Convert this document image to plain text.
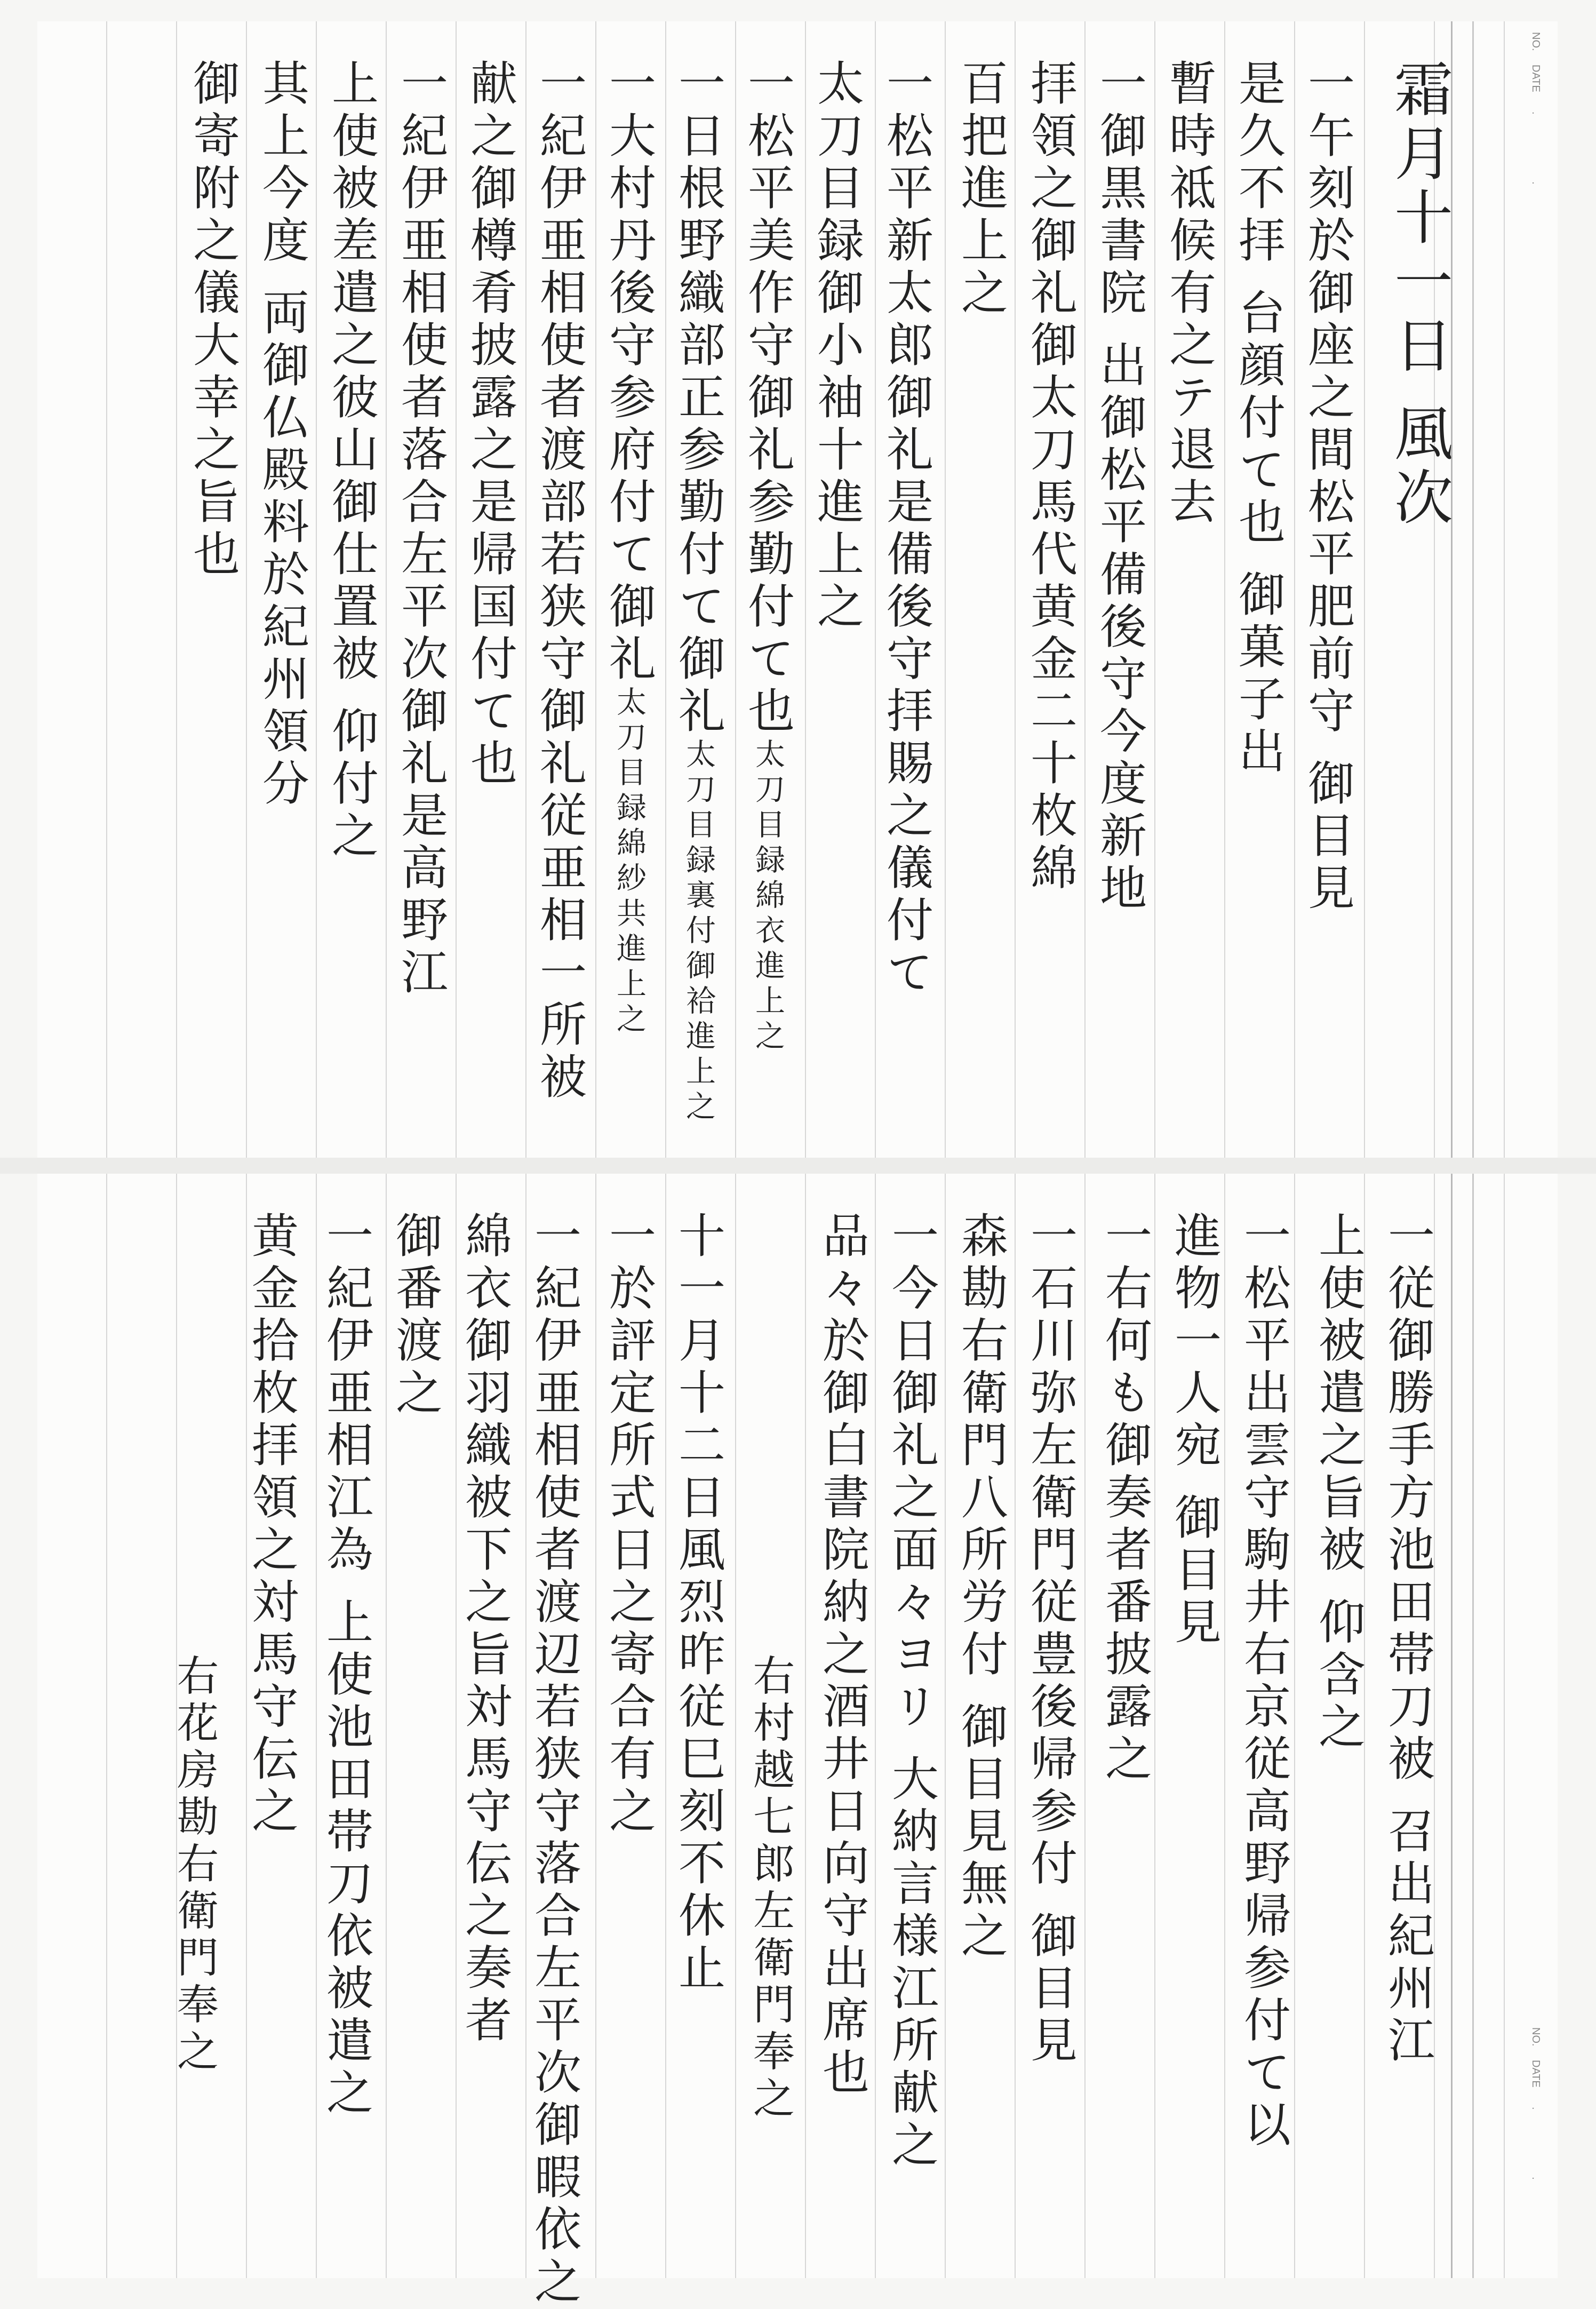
NO. DATE . .
霜月十一日 風次
一午刻於御座之間松平肥前守 御目見
是久不拝 台顔付て也 御菓子出
暫時祗候有之テ退去
一御黒書院 出御松平備後守今度新地
拝領之御礼御太刀馬代黄金二十枚綿
百把進上之
一松平新太郎御礼是備後守拝賜之儀付て
太刀目録御小袖十進上之
一松平美作守御礼参勤付て也太刀目録綿衣進上之
一日根野織部正参勤付て御礼太刀目録裏付御袷進上之
一大村丹後守参府付て御礼太刀目録綿紗共進上之
一紀伊亜相使者渡部若狭守御礼従亜相一所被
献之御樽肴披露之是帰国付て也
一紀伊亜相使者落合左平次御礼是高野江
上使被差遣之彼山御仕置被 仰付之
其上今度 両御仏殿料於紀州領分
御寄附之儀大幸之旨也
NO. DATE . .
一従御勝手方池田帯刀被 召出紀州江
上使被遣之旨被 仰含之
一松平出雲守駒井右京従高野帰参付て以
進物一人宛 御目見
一右何も御奏者番披露之
一石川弥左衛門従豊後帰参付 御目見
森勘右衛門八所労付 御目見無之
一今日御礼之面々ヨリ 大納言様江所献之
品々於御白書院納之酒井日向守出席也
右村越七郎左衛門奉之
十一月十二日風烈昨従巳刻不休止
一於評定所式日之寄合有之
一紀伊亜相使者渡辺若狭守落合左平次御暇依之
綿衣御羽織被下之旨対馬守伝之奏者
御番渡之
一紀伊亜相江為 上使池田帯刀依被遣之
黄金拾枚拝領之対馬守伝之
右花房勘右衛門奉之
